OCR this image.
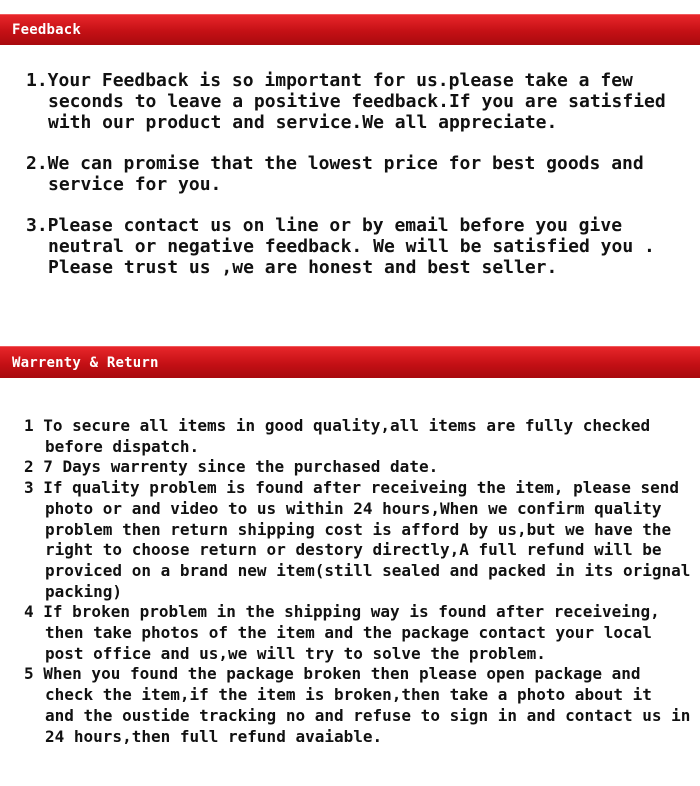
Feedback
1.Your Feedback is so important for us.please take a few
seconds to leave a positive feedback.If you are satisfied
with our product and service.We all appreciate.
2.We can promise that the lowest price for best goods and
service for you.
3.Please contact us on line or by email before you give
neutral or negative feedback. We will be satisfied you .
Please trust us ,we are honest and best seller.
Warrenty & Return
1 To secure all items in good quality,all items are fully checked
before dispatch.
2 7 Days warrenty since the purchased date.
3 If quality problem is found after receiveing the item, please send
photo or and video to us within 24 hours,When we confirm quality
problem then return shipping cost is afford by us,but we have the
right to choose return or destory directly,A full refund will be
proviced on a brand new item(still sealed and packed in its orignal
packing)
4 If broken problem in the shipping way is found after receiveing,
then take photos of the item and the package contact your local
post office and us,we will try to solve the problem.
5 When you found the package broken then please open package and
check the item,if the item is broken,then take a photo about it
and the oustide tracking no and refuse to sign in and contact us in
24 hours,then full refund avaiable.
